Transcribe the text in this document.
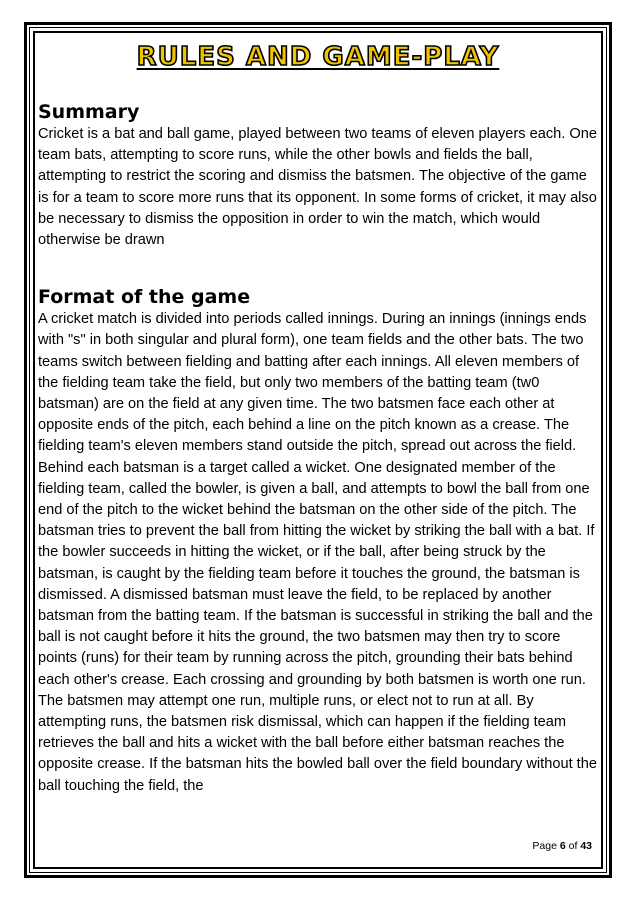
RULES AND GAME-PLAY
Summary

Cricket is a bat and ball game, played between two teams of eleven players each. One team bats, attempting to score runs, while the other bowls and fields the ball, attempting to restrict the scoring and dismiss the batsmen. The objective of the game is for a team to score more runs that its opponent. In some forms of cricket, it may also be necessary to dismiss the opposition in order to win the match, which would otherwise be drawn

Format of the game

A cricket match is divided into periods called innings. During an innings (innings ends with "s" in both singular and plural form), one team fields and the other bats. The two teams switch between fielding and batting after each innings. All eleven members of the fielding team take the field, but only two members of the batting team (tw0 batsman) are on the field at any given time. The two batsmen face each other at opposite ends of the pitch, each behind a line on the pitch known as a crease. The fielding team's eleven members stand outside the pitch, spread out across the field. Behind each batsman is a target called a wicket. One designated member of the fielding team, called the bowler, is given a ball, and attempts to bowl the ball from one end of the pitch to the wicket behind the batsman on the other side of the pitch. The batsman tries to prevent the ball from hitting the wicket by striking the ball with a bat. If the bowler succeeds in hitting the wicket, or if the ball, after being struck by the batsman, is caught by the fielding team before it touches the ground, the batsman is dismissed. A dismissed batsman must leave the field, to be replaced by another batsman from the batting team. If the batsman is successful in striking the ball and the ball is not caught before it hits the ground, the two batsmen may then try to score points (runs) for their team by running across the pitch, grounding their bats behind each other's crease. Each crossing and grounding by both batsmen is worth one run. The batsmen may attempt one run, multiple runs, or elect not to run at all. By attempting runs, the batsmen risk dismissal, which can happen if the fielding team retrieves the ball and hits a wicket with the ball before either batsman reaches the opposite crease. If the batsman hits the bowled ball over the field boundary without the ball touching the field, the

Page 6 of 43
